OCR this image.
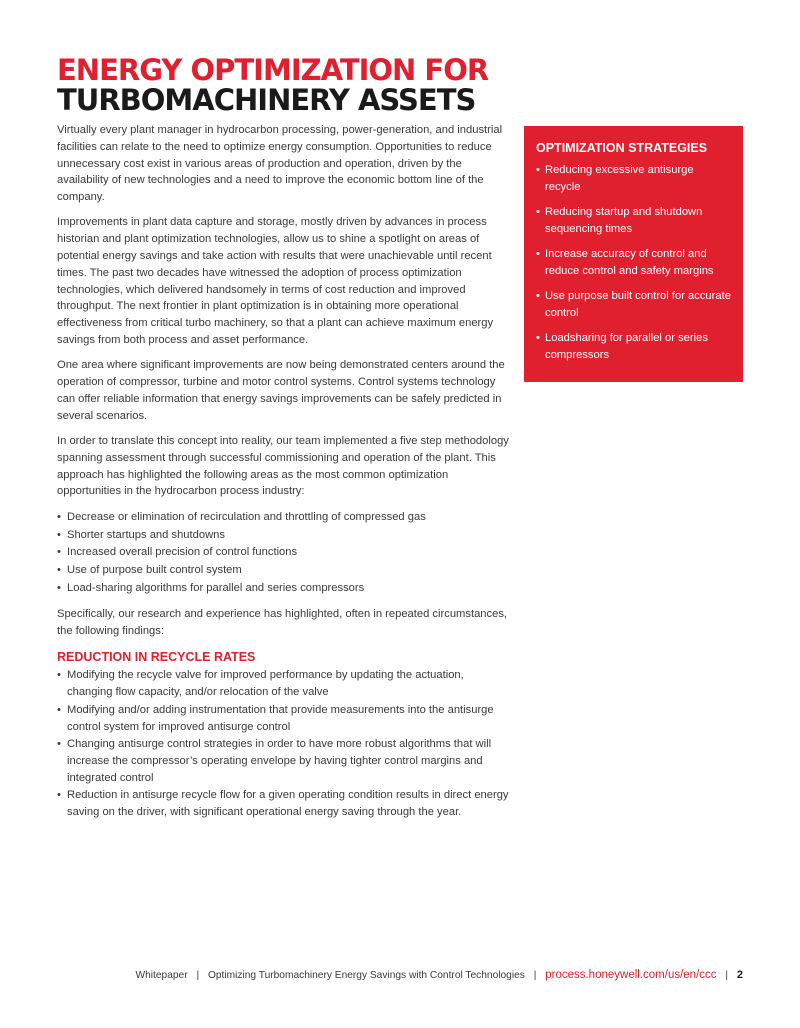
ENERGY OPTIMIZATION FOR
TURBOMACHINERY ASSETS

Virtually every plant manager in hydrocarbon processing, power-generation, and industrial facilities can relate to the need to optimize energy consumption. Opportunities to reduce unnecessary cost exist in various areas of production and operation, driven by the availability of new technologies and a need to improve the economic bottom line of the company.

Improvements in plant data capture and storage, mostly driven by advances in process historian and plant optimization technologies, allow us to shine a spotlight on areas of potential energy savings and take action with results that were unachievable until recent times. The past two decades have witnessed the adoption of process optimization technologies, which delivered handsomely in terms of cost reduction and improved throughput. The next frontier in plant optimization is in obtaining more operational effectiveness from critical turbo machinery, so that a plant can achieve maximum energy savings from both process and asset performance.

One area where significant improvements are now being demonstrated centers around the operation of compressor, turbine and motor control systems. Control systems technology can offer reliable information that energy savings improvements can be safely predicted in several scenarios.

In order to translate this concept into reality, our team implemented a five step methodology spanning assessment through successful commissioning and operation of the plant. This approach has highlighted the following areas as the most common optimization opportunities in the hydrocarbon process industry:

• Decrease or elimination of recirculation and throttling of compressed gas
• Shorter startups and shutdowns
• Increased overall precision of control functions
• Use of purpose built control system
• Load-sharing algorithms for parallel and series compressors

Specifically, our research and experience has highlighted, often in repeated circumstances, the following findings:

REDUCTION IN RECYCLE RATES
• Modifying the recycle valve for improved performance by updating the actuation, changing flow capacity, and/or relocation of the valve
• Modifying and/or adding instrumentation that provide measurements into the antisurge control system for improved antisurge control
• Changing antisurge control strategies in order to have more robust algorithms that will increase the compressor’s operating envelope by having tighter control margins and integrated control
• Reduction in antisurge recycle flow for a given operating condition results in direct energy saving on the driver, with significant operational energy saving through the year.
OPTIMIZATION STRATEGIES
• Reducing excessive antisurge recycle
• Reducing startup and shutdown sequencing times
• Increase accuracy of control and reduce control and safety margins
• Use purpose built control for accurate control
• Loadsharing for parallel or series compressors
Whitepaper | Optimizing Turbomachinery Energy Savings with Control Technologies | process.honeywell.com/us/en/ccc | 2
